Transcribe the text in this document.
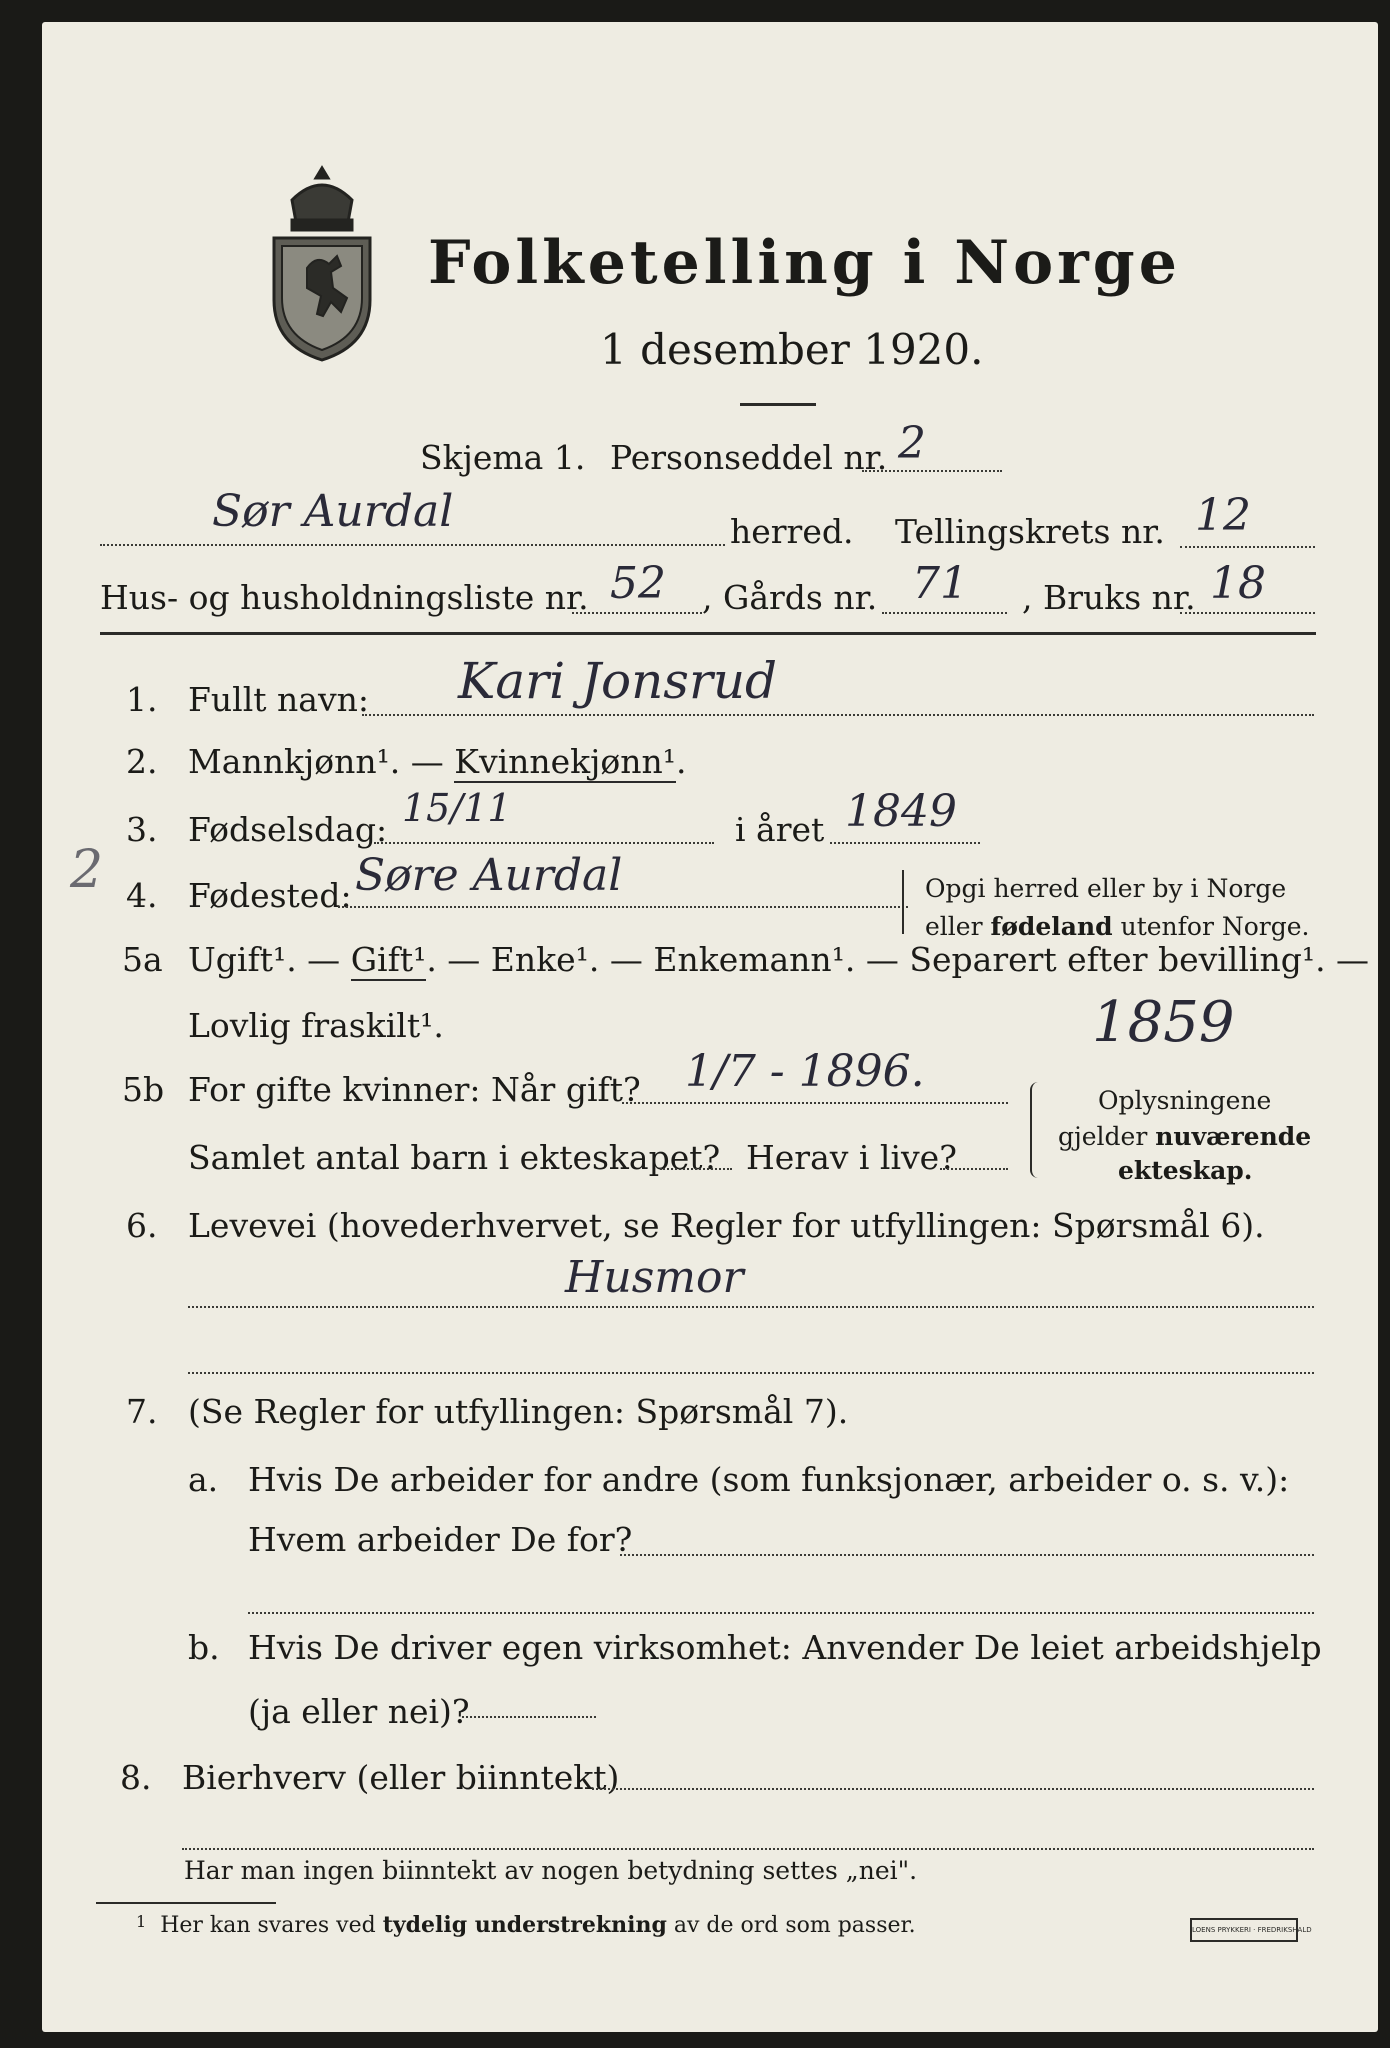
Folketelling i Norge
1 desember 1920.
Skjema 1. Personseddel nr. 2
Sør Aurdal	herred. Tellingskrets nr. 12
Hus- og husholdningsliste nr. 52 , Gårds nr. 71 , Bruks nr. 18
1. Fullt navn: Kari Jonsrud
2. Mannkjønn¹. — Kvinnekjønn¹.
3. Fødselsdag: 15/11	i året 1849
4. Fødested: Søre Aurdal	Opgi herred eller by i Norge
eller fødeland utenfor Norge.
5a Ugift¹. — Gift¹. — Enke¹. — Enkemann¹. — Separert efter bevilling¹. —
Lovlig fraskilt¹.	1859
5b For gifte kvinner: Når gift? 1/7 - 1896.
Samlet antal barn i ekteskapet? Herav i live?
Oplysningene
gjelder nuværende
ekteskap.
6. Levevei (hovederhvervet, se Regler for utfyllingen: Spørsmål 6).
Husmor
7. (Se Regler for utfyllingen: Spørsmål 7).
a. Hvis De arbeider for andre (som funksjonær, arbeider o. s. v.):
Hvem arbeider De for?
b. Hvis De driver egen virksomhet: Anvender De leiet arbeidshjelp
(ja eller nei)?
8. Bierhverv (eller biinntekt)
Har man ingen biinntekt av nogen betydning settes „nei".
$^1$ Her kan svares ved tydelig understrekning av de ord som passer.	LOENS PRYKKERI · FREDRIKSHALD
2
